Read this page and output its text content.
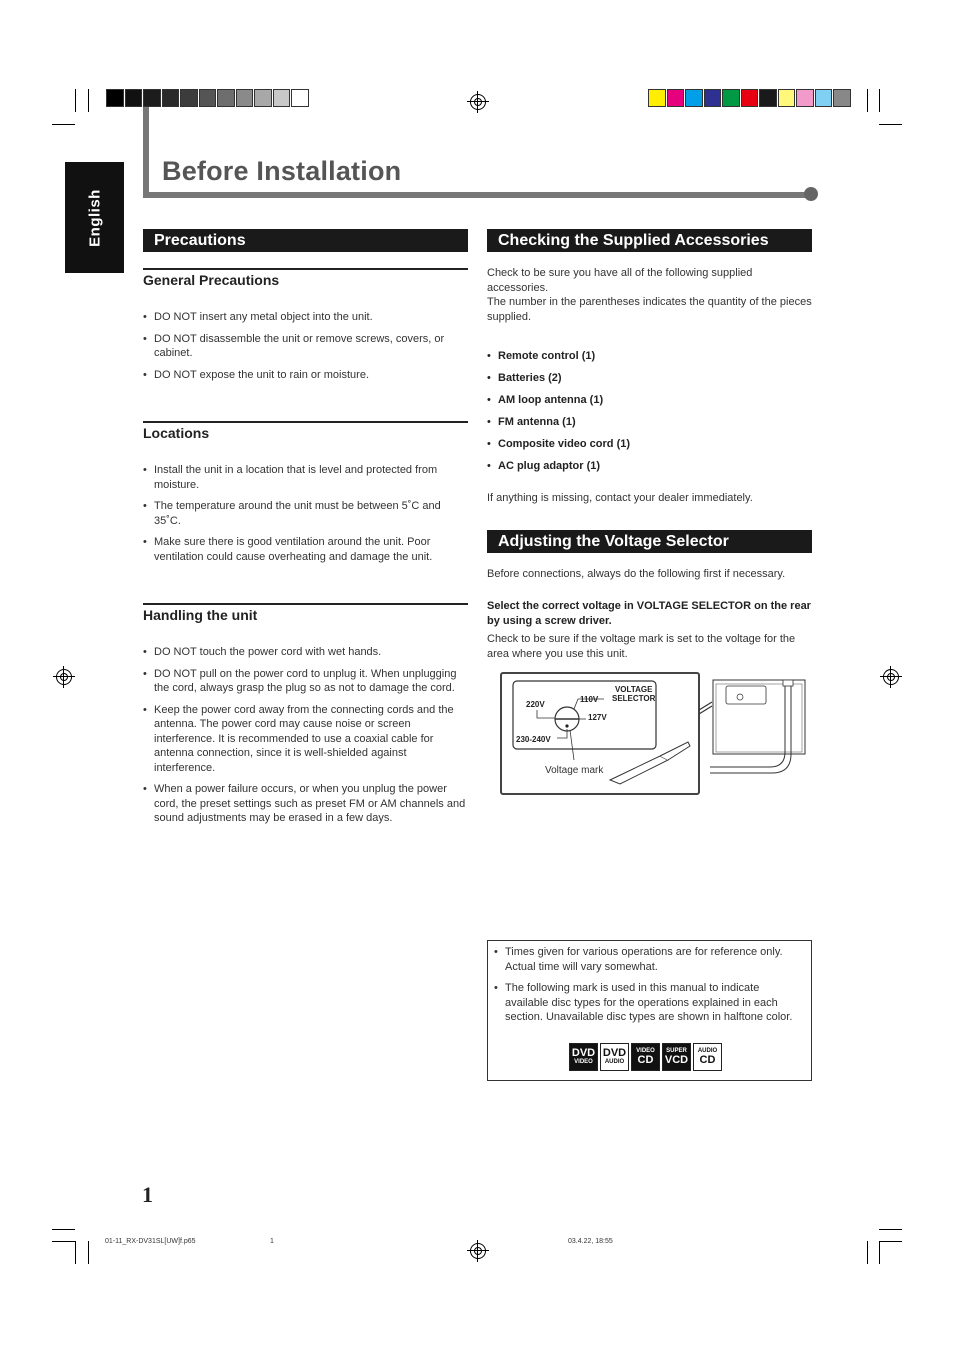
Before Installation
English	Precautions
General Precautions
• DO NOT insert any metal object into the unit.
• DO NOT disassemble the unit or remove screws, covers, or cabinet.
• DO NOT expose the unit to rain or moisture.
Locations
• Install the unit in a location that is level and protected from moisture.
• The temperature around the unit must be between 5˚C and 35˚C.
• Make sure there is good ventilation around the unit. Poor ventilation could cause overheating and damage the unit.
Handling the unit
• DO NOT touch the power cord with wet hands.
• DO NOT pull on the power cord to unplug it. When unplugging the cord, always grasp the plug so as not to damage the cord.
• Keep the power cord away from the connecting cords and the antenna. The power cord may cause noise or screen interference. It is recommended to use a coaxial cable for antenna connection, since it is well-shielded against interference.
• When a power failure occurs, or when you unplug the power cord, the preset settings such as preset FM or AM channels and sound adjustments may be erased in a few days.
Checking the Supplied Accessories
Check to be sure you have all of the following supplied accessories.
The number in the parentheses indicates the quantity of the pieces supplied.
• Remote control (1)
• Batteries (2)
• AM loop antenna (1)
• FM antenna (1)
• Composite video cord (1)
• AC plug adaptor (1)
If anything is missing, contact your dealer immediately.
Adjusting the Voltage Selector
Before connections, always do the following first if necessary.
Select the correct voltage in VOLTAGE SELECTOR on the rear by using a screw driver.
Check to be sure if the voltage mark is set to the voltage for the area where you use this unit.
VOLTAGE
SELECTOR
110V
127V
220V
230-240V
Voltage mark
• Times given for various operations are for reference only. Actual time will vary somewhat.
• The following mark is used in this manual to indicate available disc types for the operations explained in each section. Unavailable disc types are shown in halftone color.
DVD
VIDEO
DVD
AUDIO
VIDEO
CD
SUPER
VCD
AUDIO
CD
1
01-11_RX-DV31SL[UW]f.p65	1	03.4.22, 18:55
